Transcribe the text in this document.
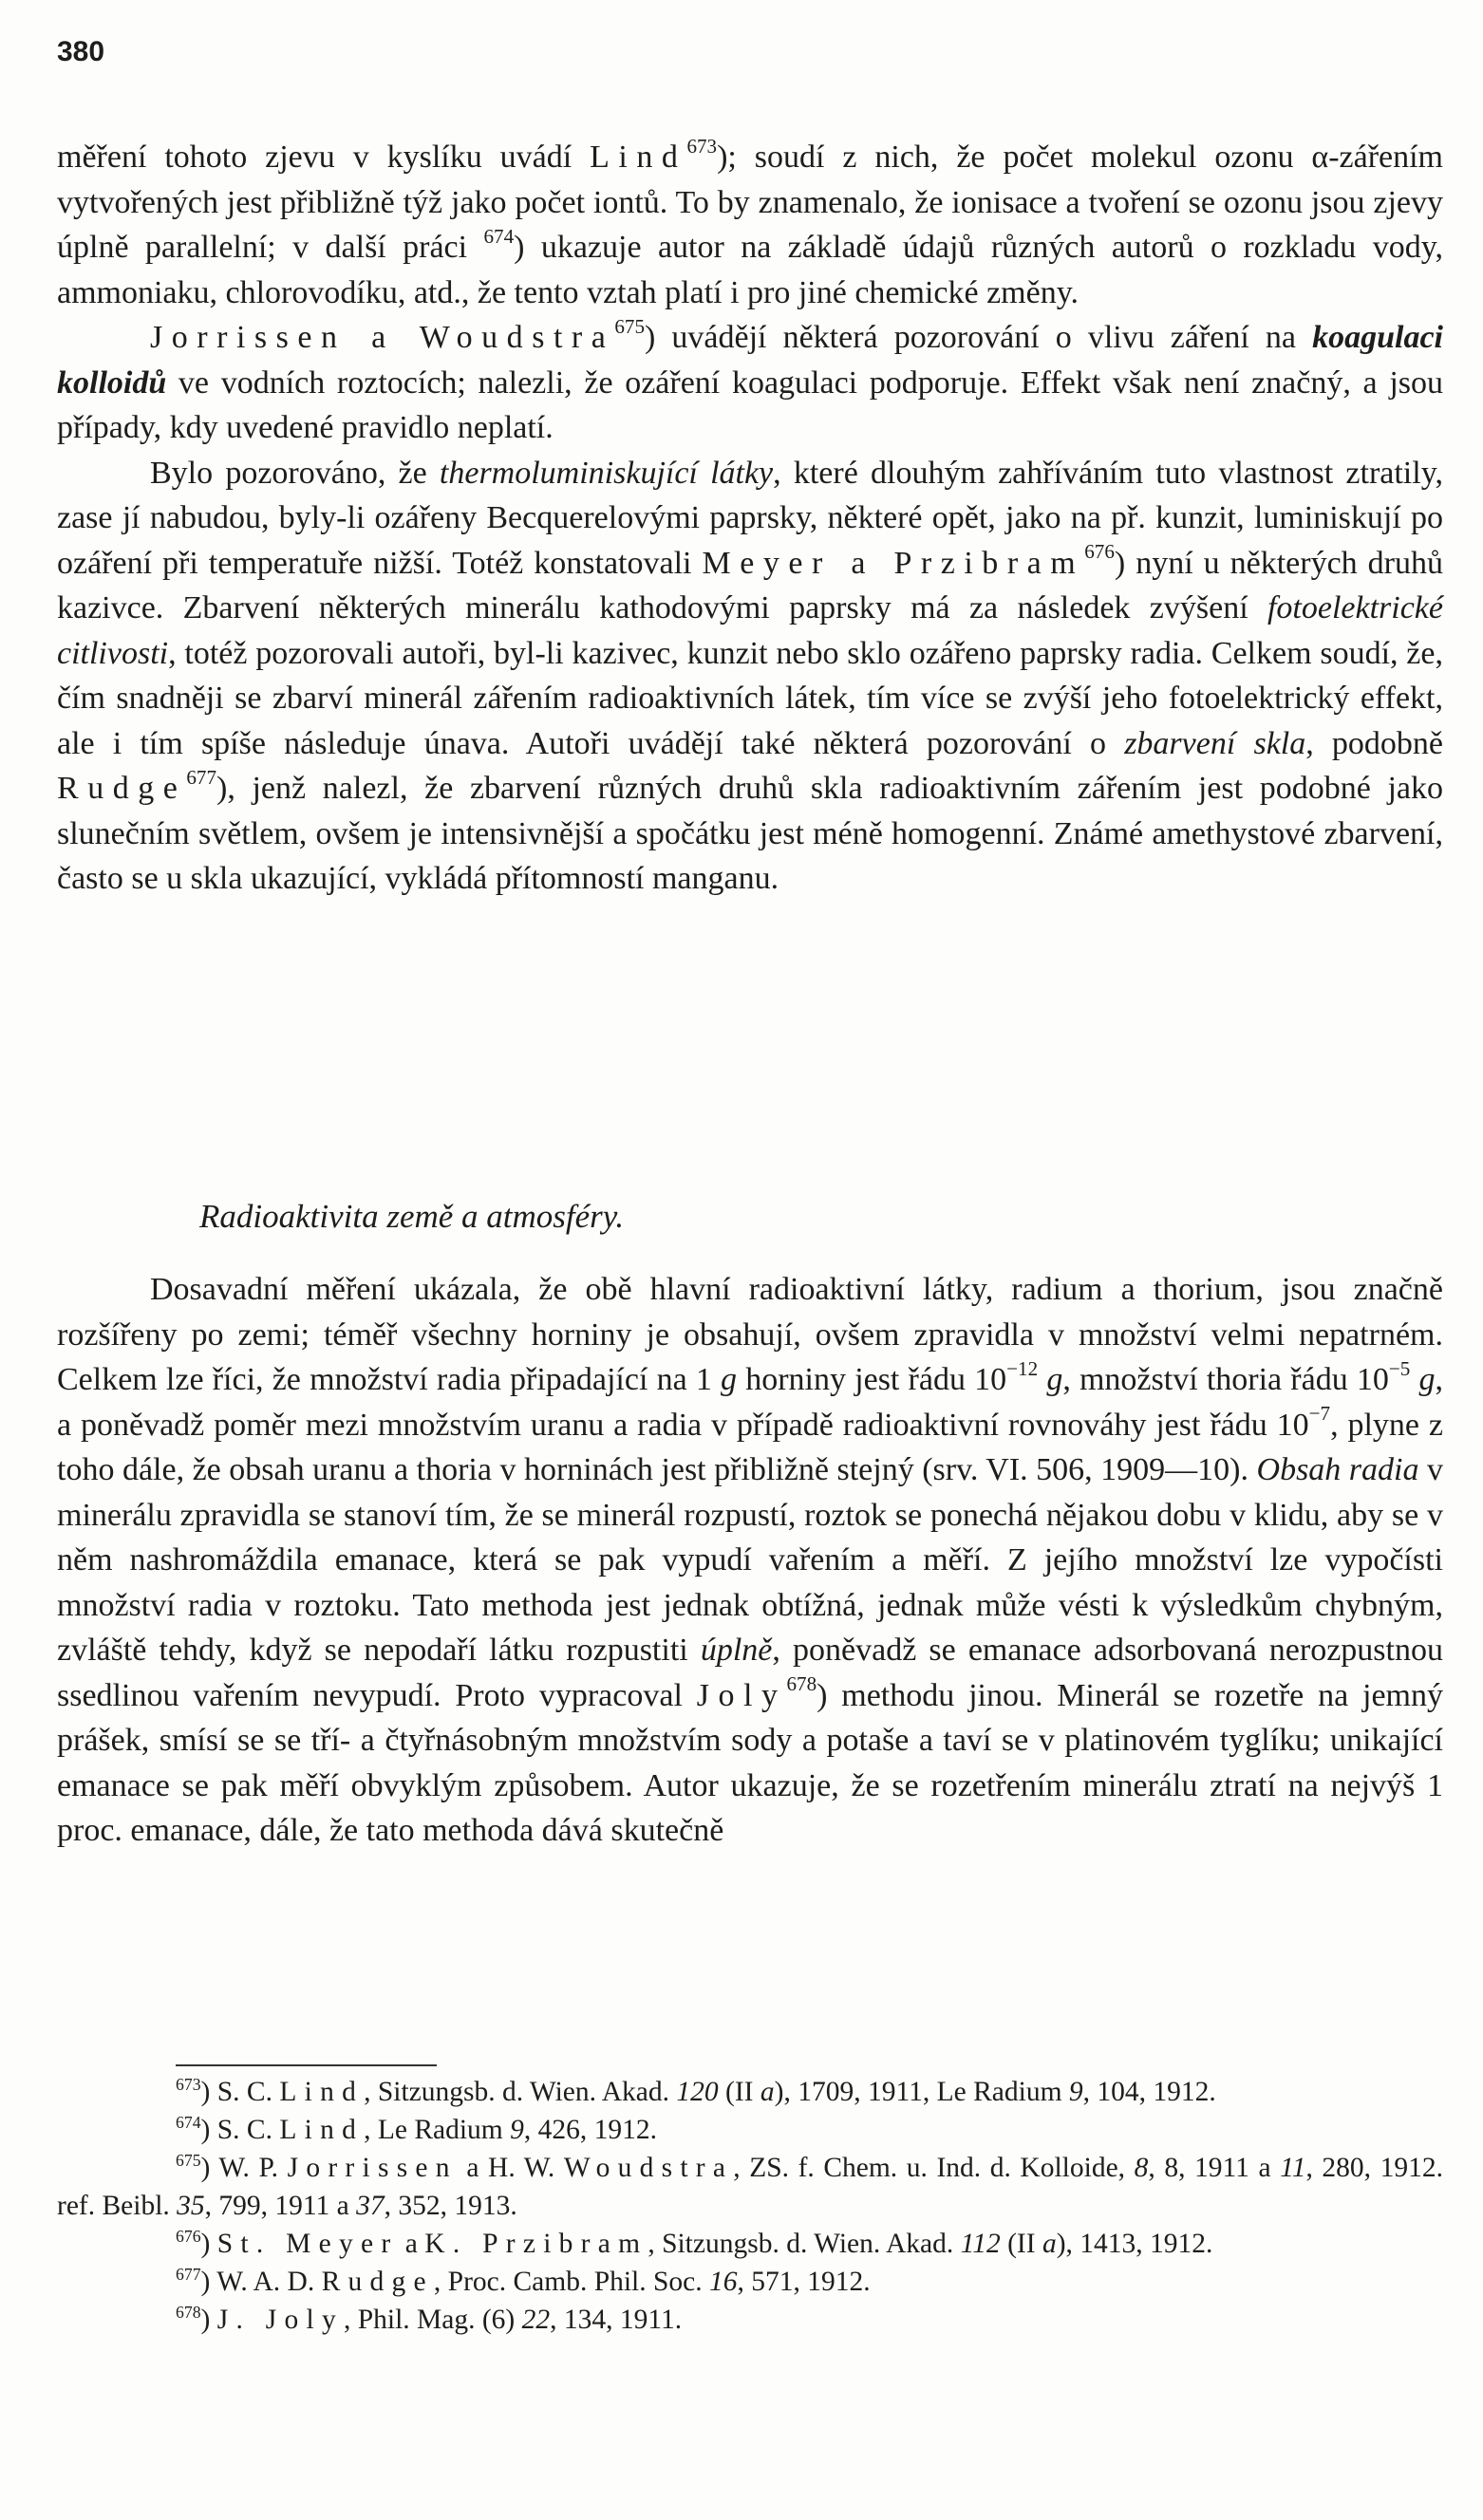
380

měření tohoto zjevu v kyslíku uvádí Lind$^{673}$); soudí z nich, že počet molekul ozonu α-zářením vytvořených jest přibližně týž jako počet iontů. To by znamenalo, že ionisace a tvoření se ozonu jsou zjevy úplně parallelní; v další práci $^{674}$) ukazuje autor na základě údajů různých autorů o rozkladu vody, ammoniaku, chlorovodíku, atd., že tento vztah platí i pro jiné chemické změny.

Jorrissen a Woudstra$^{675}$) uvádějí některá pozorování o vlivu záření na koagulaci kolloidů ve vodních roztocích; nalezli, že ozáření koagulaci podporuje. Effekt však není značný, a jsou případy, kdy uvedené pravidlo neplatí.

Bylo pozorováno, že thermoluminiskující látky, které dlouhým zahříváním tuto vlastnost ztratily, zase jí nabudou, byly-li ozářeny Becquerelovými paprsky, některé opět, jako na př. kunzit, luminiskují po ozáření při temperatuře nižší. Totéž konstatovali Meyer a Przibram$^{676}$) nyní u některých druhů kazivce. Zbarvení některých minerálu kathodovými paprsky má za následek zvýšení fotoelektrické citlivosti, totéž pozorovali autoři, byl-li kazivec, kunzit nebo sklo ozářeno paprsky radia. Celkem soudí, že, čím snadněji se zbarví minerál zářením radioaktivních látek, tím více se zvýší jeho fotoelektrický effekt, ale i tím spíše následuje únava. Autoři uvádějí také některá pozorování o zbarvení skla, podobně Rudge$^{677}$), jenž nalezl, že zbarvení různých druhů skla radioaktivním zářením jest podobné jako slunečním světlem, ovšem je intensivnější a spočátku jest méně homogenní. Známé amethystové zbarvení, často se u skla ukazující, vykládá přítomností manganu.

Radioaktivita země a atmosféry.

Dosavadní měření ukázala, že obě hlavní radioaktivní látky, radium a thorium, jsou značně rozšířeny po zemi; téměř všechny horniny je obsahují, ovšem zpravidla v množství velmi nepatrném. Celkem lze říci, že množství radia připadající na 1 g horniny jest řádu $10^{-12}$ g, množství thoria řádu $10^{-5}$ g, a poněvadž poměr mezi množstvím uranu a radia v případě radioaktivní rovnováhy jest řádu $10^{-7}$, plyne z toho dále, že obsah uranu a thoria v horninách jest přibližně stejný (srv. VI. 506, 1909—10). Obsah radia v minerálu zpravidla se stanoví tím, že se minerál rozpustí, roztok se ponechá nějakou dobu v klidu, aby se v něm nashromáždila emanace, která se pak vypudí vařením a měří. Z jejího množství lze vypočísti množství radia v roztoku. Tato methoda jest jednak obtížná, jednak může vésti k výsledkům chybným, zvláště tehdy, když se nepodaří látku rozpustiti úplně, poněvadž se emanace adsorbovaná nerozpustnou ssedlinou vařením nevypudí. Proto vypracoval Joly$^{678}$) methodu jinou. Minerál se rozetře na jemný prášek, smísí se se tří- a čtyřnásobným množstvím sody a potaše a taví se v platinovém tyglíku; unikající emanace se pak měří obvyklým způsobem. Autor ukazuje, že se rozetřením minerálu ztratí na nejvýš 1 proc. emanace, dále, že tato methoda dává skutečně

$^{673}$) S. C. Lind, Sitzungsb. d. Wien. Akad. 120 (II a), 1709, 1911, Le Radium 9, 104, 1912.

$^{674}$) S. C. Lind, Le Radium 9, 426, 1912.

$^{675}$) W. P. Jorrissen a H. W. Woudstra, ZS. f. Chem. u. Ind. d. Kolloide, 8, 8, 1911 a 11, 280, 1912. ref. Beibl. 35, 799, 1911 a 37, 352, 1913.

$^{676}$) St. Meyer a K. Przibram, Sitzungsb. d. Wien. Akad. 112 (II a), 1413, 1912.

$^{677}$) W. A. D. Rudge, Proc. Camb. Phil. Soc. 16, 571, 1912.

$^{678}$) J. Joly, Phil. Mag. (6) 22, 134, 1911.
